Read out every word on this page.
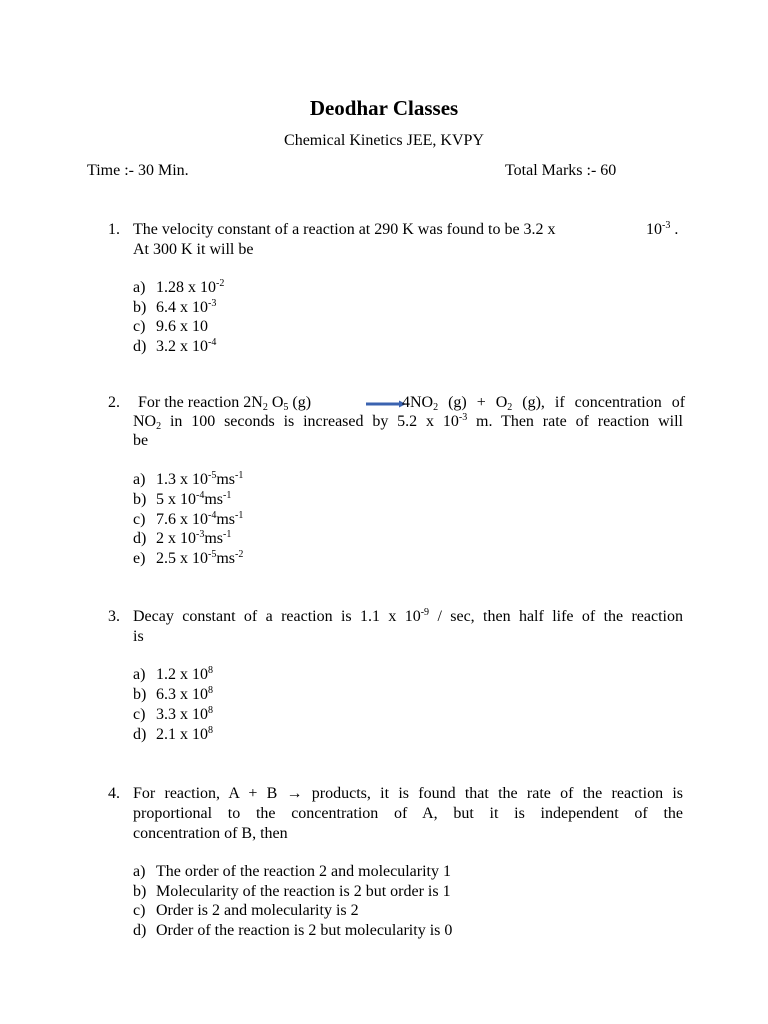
Deodhar Classes
Chemical Kinetics JEE, KVPY
Time :- 30 Min.	Total Marks :- 60
1. The velocity constant of a reaction at 290 K was found to be 3.2 x	$10^{-3}$ .
At 300 K it will be
a) 1.28 x $10^{-2}$
b) 6.4 x $10^{-3}$
c) 9.6 x 10
d) 3.2 x $10^{-4}$
2. For the reaction $2N_2$ $O_5$ (g)	$4NO_2$ $(g) + O_2$ (g), if concentration of
$NO_2$ in 100 seconds is increased by 5.2 x $10^{-3}$ m. Then rate of reaction will
be
a) 1.3 x $10^{-5}ms^{-1}$
b) 5 x $10^{-4}ms^{-1}$
c) 7.6 x $10^{-4}ms^{-1}$
d) 2 x $10^{-3}ms^{-1}$
e) 2.5 x $10^{-5}ms^{-2}$
3. Decay constant of a reaction is 1.1 x $10^{-9}$ / sec, then half life of the reaction
is
a) 1.2 x $10^8$
b) 6.3 x $10^8$
c) 3.3 x $10^8$
d) 2.1 x $10^8$
4. For reaction, A + B → products, it is found that the rate of the reaction is
proportional to the concentration of A, but it is independent of the
concentration of B, then
a) The order of the reaction 2 and molecularity 1
b) Molecularity of the reaction is 2 but order is 1
c) Order is 2 and molecularity is 2
d) Order of the reaction is 2 but molecularity is 0
